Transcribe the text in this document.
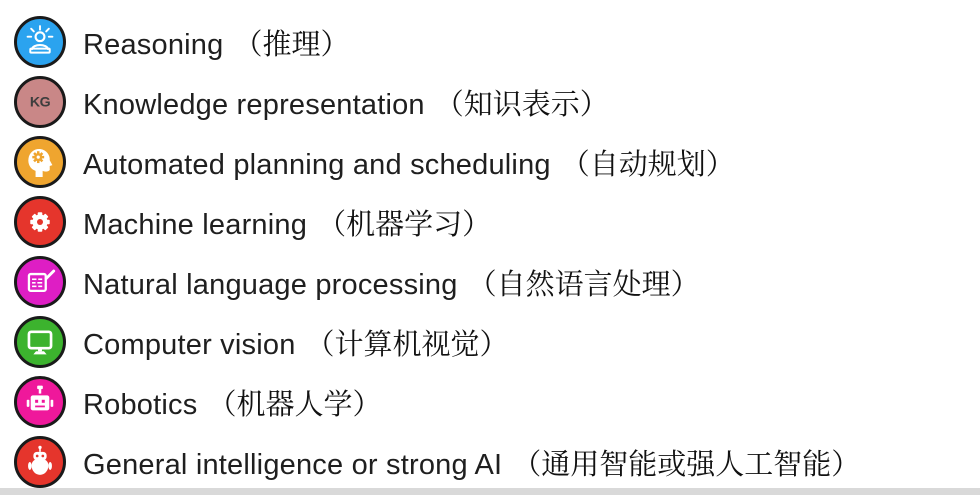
Reasoning （推理）
KG Knowledge representation （知识表示）
Automated planning and scheduling （自动规划）
Machine learning （机器学习）
Natural language processing （自然语言处理）
Computer vision （计算机视觉）
Robotics （机器人学）
General intelligence or strong AI （通用智能或强人工智能）
